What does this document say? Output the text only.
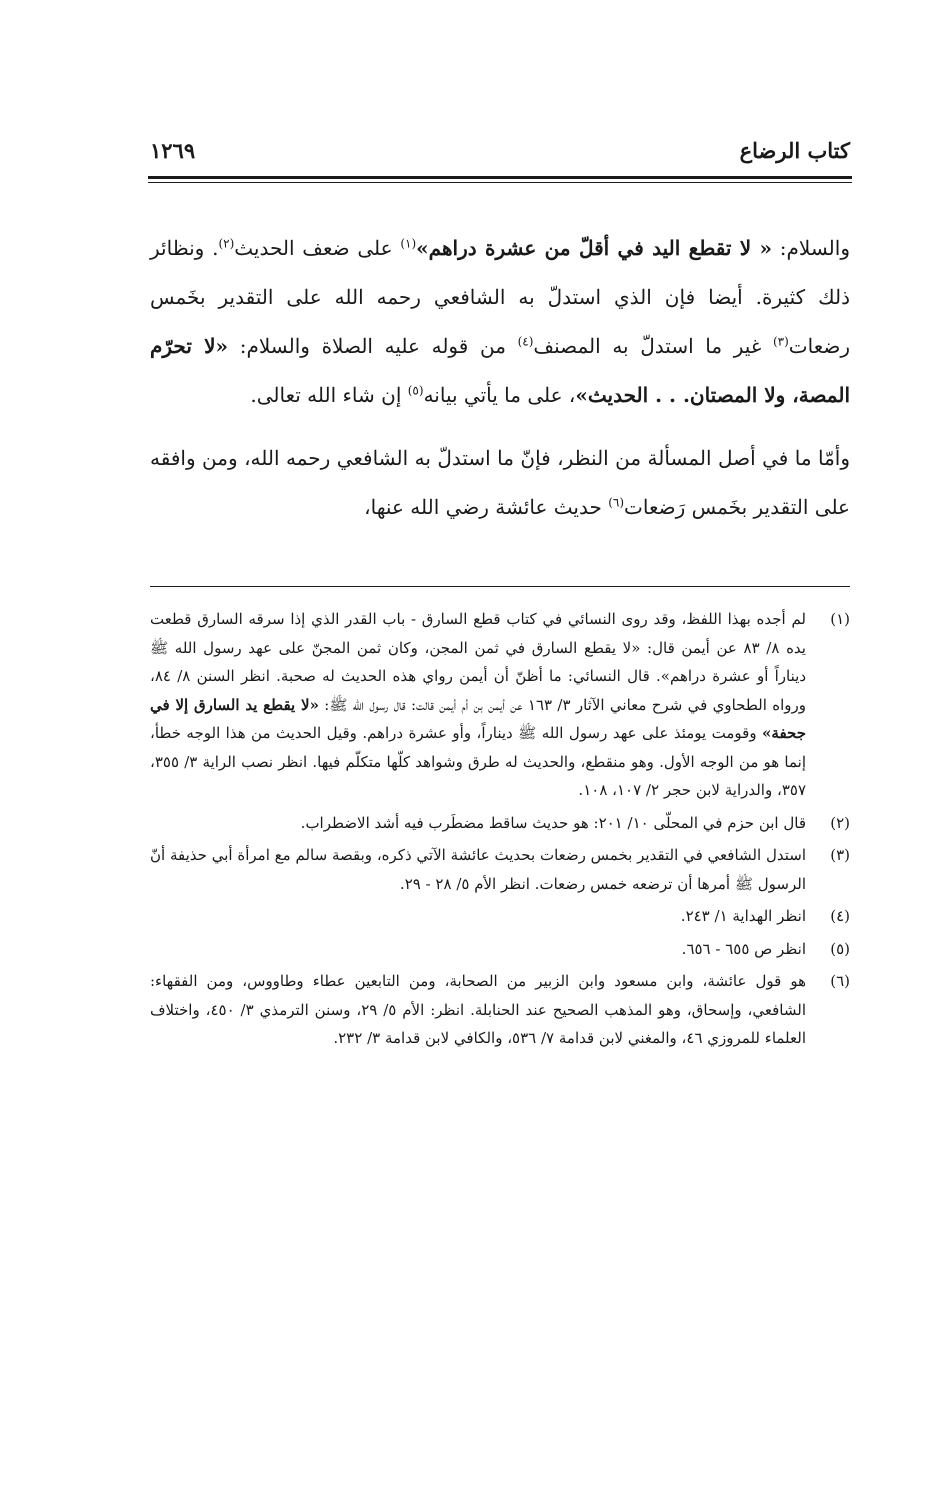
كتاب الرضاع
١٢٦٩

والسلام: « لا تقطع اليد في أقلّ من عشرة دراهم»$^{(١)}$ على ضعف الحديث$^{(٢)}$. ونظائر ذلك كثيرة. أيضا فإن الذي استدلّ به الشافعي رحمه الله على التقدير بخَمس رضعات$^{(٣)}$ غير ما استدلّ به المصنف$^{(٤)}$ من قوله عليه الصلاة والسلام: «لا تحرّم المصة، ولا المصتان. . . الحديث»، على ما يأتي بيانه$^{(٥)}$ إن شاء الله تعالى.

وأمّا ما في أصل المسألة من النظر، فإنّ ما استدلّ به الشافعي رحمه الله، ومن وافقه على التقدير بخَمس رَضعات$^{(٦)}$ حديث عائشة رضي الله عنها،

(١)
لم أجده بهذا اللفظ، وقد روى النسائي في كتاب قطع السارق - باب القدر الذي إذا سرقه السارق قطعت يده ٨/ ٨٣ عن أيمن قال: «لا يقطع السارق في ثمن المجن، وكان ثمن المجنّ على عهد رسول الله ﷺ ديناراً أو عشرة دراهم». قال النسائي: ما أظنّ أن أيمن رواي هذه الحديث له صحبة. انظر السنن ٨/ ٨٤، ورواه الطحاوي في شرح معاني الآثار ٣/ ١٦٣ عن أيمن بن أم أيمن قالت: قال رسول الله ﷺ: «لا يقطع يد السارق إلا في جحفة» وقومت يومئذ على عهد رسول الله ﷺ ديناراً، وأو عشرة دراهم. وقيل الحديث من هذا الوجه خطأ، إنما هو من الوجه الأول. وهو منقطع، والحديث له طرق وشواهد كلّها متكلّم فيها. انظر نصب الراية ٣/ ٣٥٥، ٣٥٧، والدراية لابن حجر ٢/ ١٠٧، ١٠٨.
(٢)
قال ابن حزم في المحلّى ١٠/ ٢٠١: هو حديث ساقط مضطَرب فيه أشد الاضطراب.
(٣)
استدل الشافعي في التقدير بخمس رضعات بحديث عائشة الآتي ذكره، وبقصة سالم مع امرأة أبي حذيفة أنّ الرسول ﷺ أمرها أن ترضعه خمس رضعات. انظر الأم ٥/ ٢٨ - ٢٩.
(٤)
انظر الهداية ١/ ٢٤٣.
(٥)
انظر ص ٦٥٥ - ٦٥٦.
(٦)
هو قول عائشة، وابن مسعود وابن الزبير من الصحابة، ومن التابعين عطاء وطاووس، ومن الفقهاء: الشافعي، وإسحاق، وهو المذهب الصحيح عند الحنابلة. انظر: الأم ٥/ ٢٩، وسنن الترمذي ٣/ ٤٥٠، واختلاف العلماء للمروزي ٤٦، والمغني لابن قدامة ٧/ ٥٣٦، والكافي لابن قدامة ٣/ ٢٣٢.
